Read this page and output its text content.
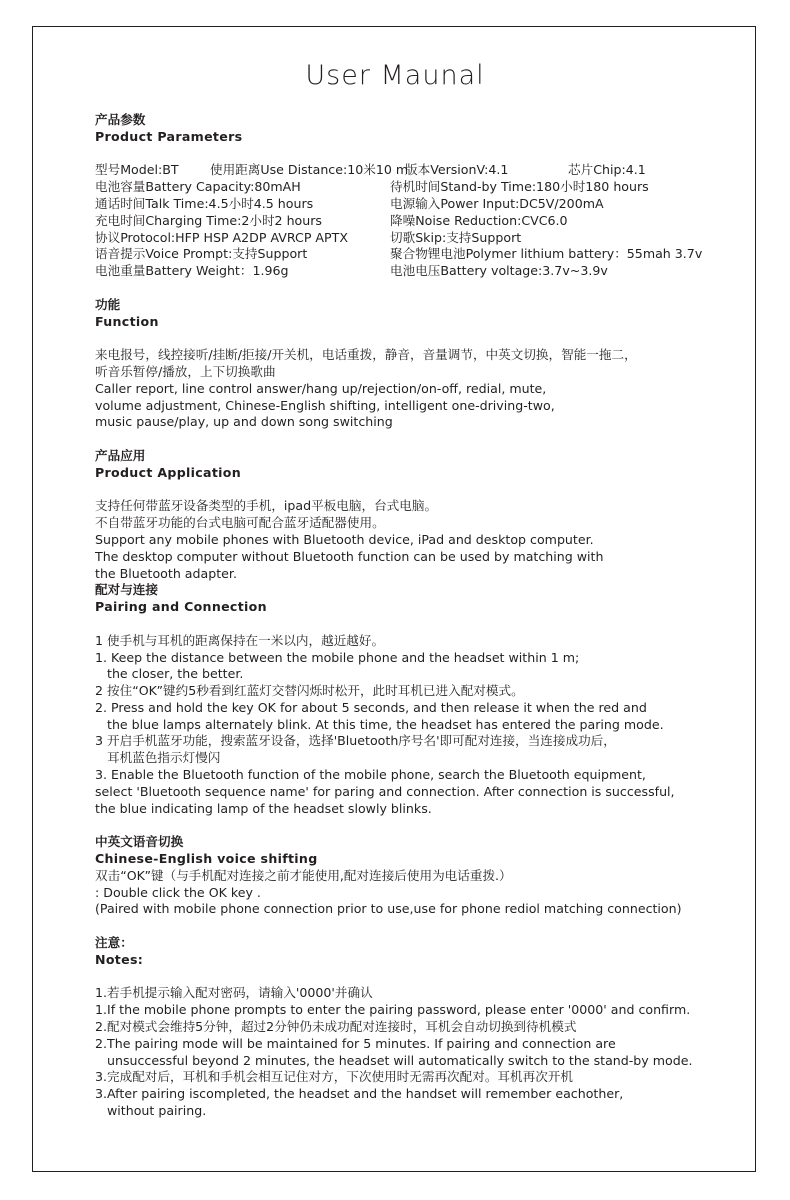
User Maunal
产品参数
Product Parameters
型号Model:BT 使用距离Use Distance:10米10 m版本VersionV:4.1	芯片Chip:4.1
电池容量Battery Capacity:80mAH	待机时间Stand-by Time:180小时180 hours
通话时间Talk Time:4.5小时4.5 hours	电源输入Power Input:DC5V/200mA
充电时间Charging Time:2小时2 hours	降噪Noise Reduction:CVC6.0
协议Protocol:HFP HSP A2DP AVRCP APTX	切歌Skip:支持Support
语音提示Voice Prompt:支持Support	聚合物锂电池Polymer lithium battery：55mah 3.7v
电池重量Battery Weight：1.96g	电池电压Battery voltage:3.7v~3.9v
功能
Function
来电报号，线控接听/挂断/拒接/开关机，电话重拨，静音，音量调节，中英文切换，智能一拖二，
听音乐暂停/播放，上下切换歌曲
Caller report, line control answer/hang up/rejection/on-off, redial, mute,
volume adjustment, Chinese-English shifting, intelligent one-driving-two,
music pause/play, up and down song switching
产品应用
Product Application
支持任何带蓝牙设备类型的手机，ipad平板电脑，台式电脑。
不自带蓝牙功能的台式电脑可配合蓝牙适配器使用。
Support any mobile phones with Bluetooth device, iPad and desktop computer.
The desktop computer without Bluetooth function can be used by matching with
the Bluetooth adapter.
配对与连接
Pairing and Connection
1 使手机与耳机的距离保持在一米以内，越近越好。
1. Keep the distance between the mobile phone and the headset within 1 m;
the closer, the better.
2 按住“OK”键约5秒看到红蓝灯交替闪烁时松开，此时耳机已进入配对模式。
2. Press and hold the key OK for about 5 seconds, and then release it when the red and
the blue lamps alternately blink. At this time, the headset has entered the paring mode.
3 开启手机蓝牙功能，搜索蓝牙设备，选择'Bluetooth序号名'即可配对连接，当连接成功后，
耳机蓝色指示灯慢闪
3. Enable the Bluetooth function of the mobile phone, search the Bluetooth equipment,
select 'Bluetooth sequence name' for paring and connection. After connection is successful,
the blue indicating lamp of the headset slowly blinks.
中英文语音切换
Chinese-English voice shifting
双击“OK”键（与手机配对连接之前才能使用,配对连接后使用为电话重拨.）
: Double click the OK key .
(Paired with mobile phone connection prior to use,use for phone rediol matching connection)
注意：
Notes:
1.若手机提示输入配对密码，请输入'0000'并确认
1.If the mobile phone prompts to enter the pairing password, please enter '0000' and confirm.
2.配对模式会维持5分钟，超过2分钟仍未成功配对连接时，耳机会自动切换到待机模式
2.The pairing mode will be maintained for 5 minutes. If pairing and connection are
unsuccessful beyond 2 minutes, the headset will automatically switch to the stand-by mode.
3.完成配对后，耳机和手机会相互记住对方，下次使用时无需再次配对。耳机再次开机
3.After pairing iscompleted, the headset and the handset will remember eachother,
without pairing.
